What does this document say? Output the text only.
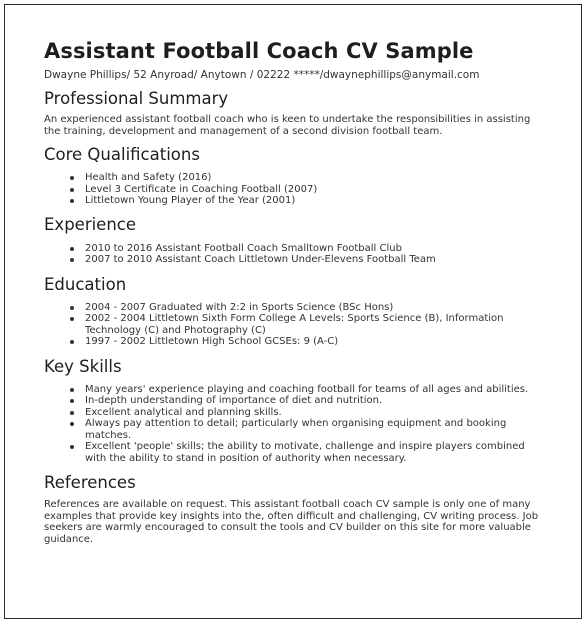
Assistant Football Coach CV Sample
Dwayne Phillips/ 52 Anyroad/ Anytown / 02222 *****/dwaynephillips@anymail.com
Professional Summary

An experienced assistant football coach who is keen to undertake the responsibilities in assisting the training, development and management of a second division football team.

Core Qualifications
Health and Safety (2016)
Level 3 Certificate in Coaching Football (2007)
Littletown Young Player of the Year (2001)
Experience
2010 to 2016 Assistant Football Coach Smalltown Football Club
2007 to 2010 Assistant Coach Littletown Under-Elevens Football Team
Education
2004 - 2007 Graduated with 2:2 in Sports Science (BSc Hons)
2002 - 2004 Littletown Sixth Form College A Levels: Sports Science (B), Information Technology (C) and Photography (C)
1997 - 2002 Littletown High School GCSEs: 9 (A-C)
Key Skills
Many years' experience playing and coaching football for teams of all ages and abilities.
In-depth understanding of importance of diet and nutrition.
Excellent analytical and planning skills.
Always pay attention to detail; particularly when organising equipment and booking matches.
Excellent 'people' skills; the ability to motivate, challenge and inspire players combined with the ability to stand in position of authority when necessary.
References

References are available on request. This assistant football coach CV sample is only one of many examples that provide key insights into the, often difficult and challenging, CV writing process. Job seekers are warmly encouraged to consult the tools and CV builder on this site for more valuable guidance.
